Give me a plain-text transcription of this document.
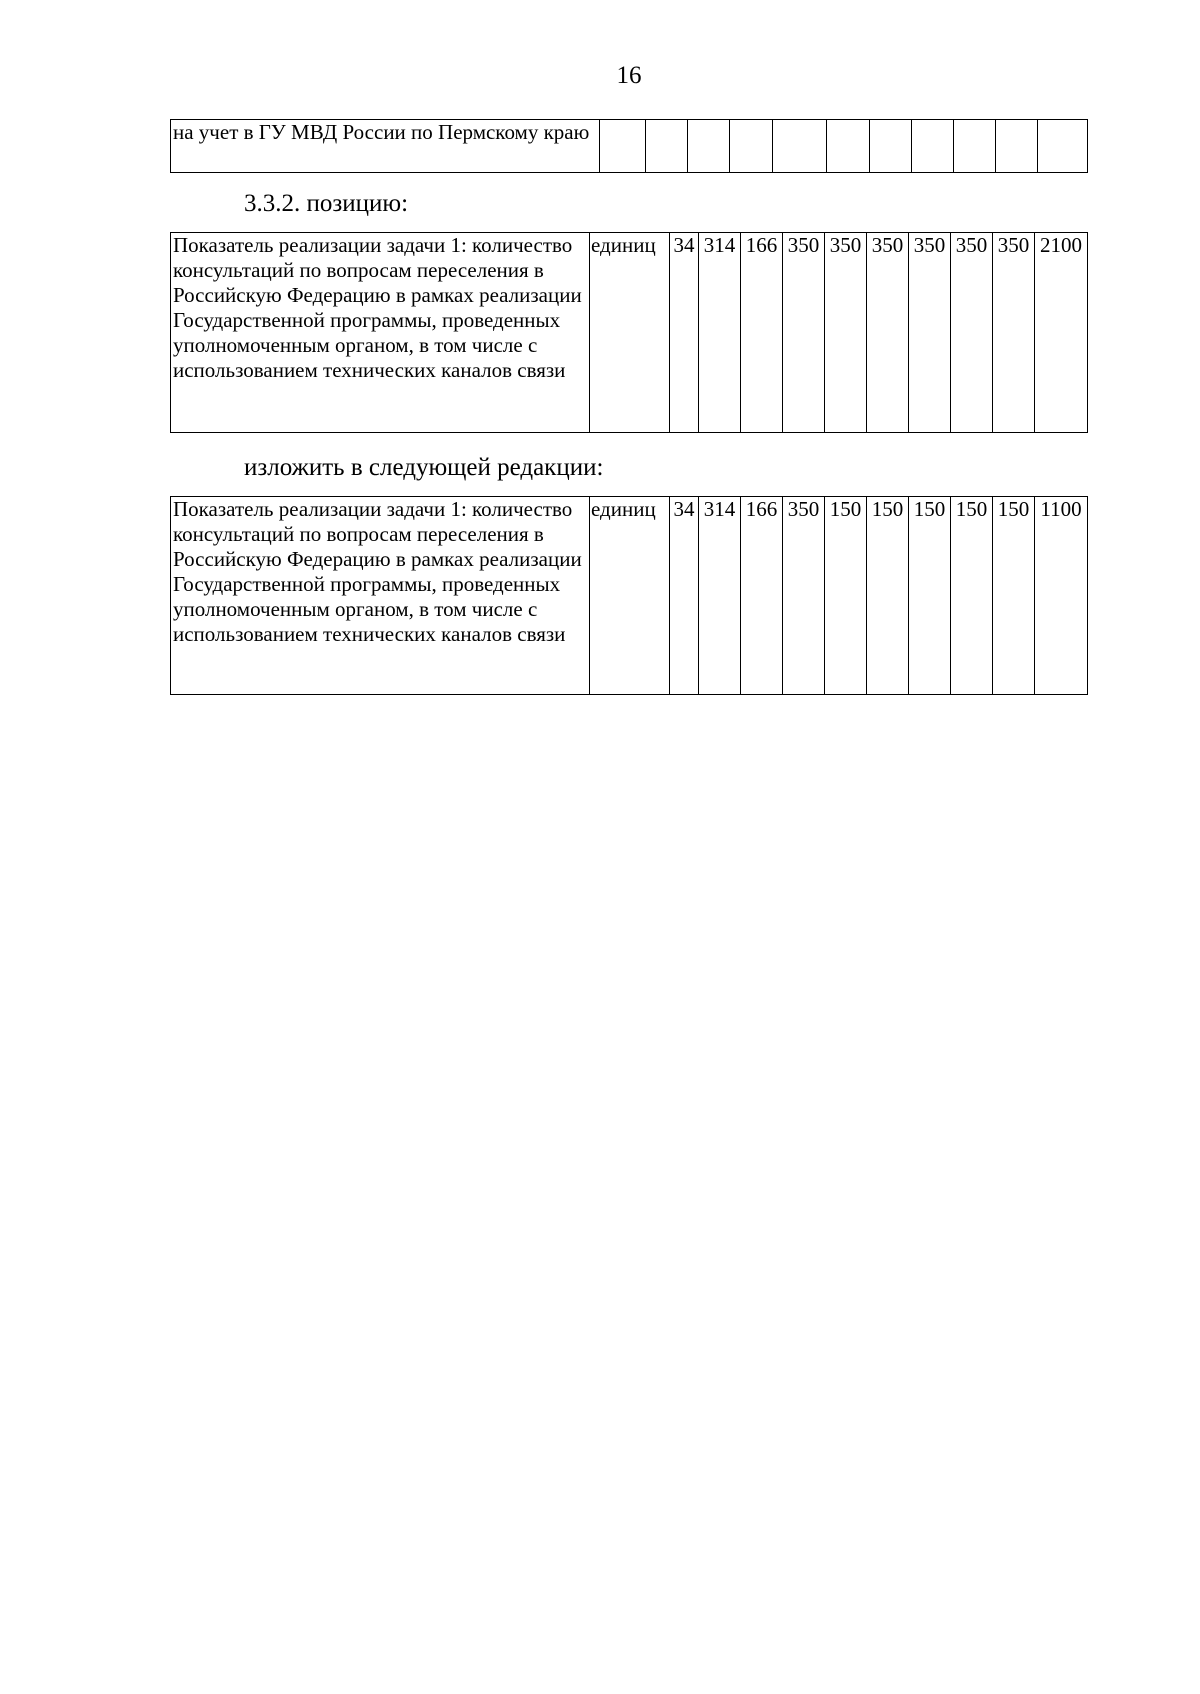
16
на учет в ГУ МВД России по Пермскому краю											
3.3.2. позицию:
Показатель реализации задачи 1: количество консультаций по вопросам переселения в Российскую Федерацию в рамках реализации Государственной программы, проведенных уполномоченным органом, в том числе с использованием технических каналов связи	единиц	34	314	166	350	350	350	350	350	350	2100
изложить в следующей редакции:
Показатель реализации задачи 1: количество консультаций по вопросам переселения в Российскую Федерацию в рамках реализации Государственной программы, проведенных уполномоченным органом, в том числе с использованием технических каналов связи	единиц	34	314	166	350	150	150	150	150	150	1100
